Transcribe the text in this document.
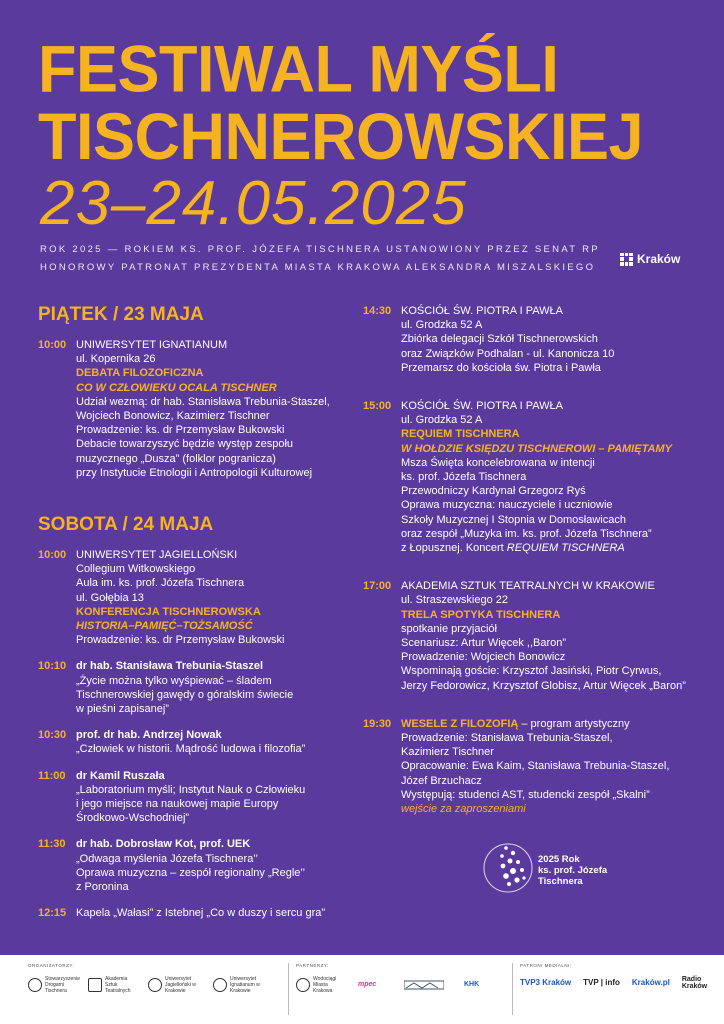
FESTIWAL MYŚLI
TISCHNEROWSKIEJ
23–24.05.2025
ROK 2025 — ROKIEM KS. PROF. JÓZEFA TISCHNERA USTANOWIONY PRZEZ SENAT RP
HONOROWY PATRONAT PREZYDENTA MIASTA KRAKOWA ALEKSANDRA MISZALSKIEGO
Kraków
PIĄTEK / 23 MAJA
10:00 UNIWERSYTET IGNATIANUM
ul. Kopernika 26
DEBATA FILOZOFICZNA
CO W CZŁOWIEKU OCALA TISCHNER
Udział wezmą: dr hab. Stanisława Trebunia-Staszel,
Wojciech Bonowicz, Kazimierz Tischner
Prowadzenie: ks. dr Przemysław Bukowski
Debacie towarzyszyć będzie występ zespołu
muzycznego „Dusza” (folklor pogranicza)
przy Instytucie Etnologii i Antropologii Kulturowej
SOBOTA / 24 MAJA
10:00 UNIWERSYTET JAGIELLOŃSKI
Collegium Witkowskiego
Aula im. ks. prof. Józefa Tischnera
ul. Gołębia 13
KONFERENCJA TISCHNEROWSKA
HISTORIA–PAMIĘĆ–TOŻSAMOŚĆ
Prowadzenie: ks. dr Przemysław Bukowski
10:10 dr hab. Stanisława Trebunia-Staszel
„Życie można tylko wyśpiewać – śladem
Tischnerowskiej gawędy o góralskim świecie
w pieśni zapisanej”
10:30 prof. dr hab. Andrzej Nowak
„Człowiek w historii. Mądrość ludowa i filozofia”
11:00 dr Kamil Ruszała
„Laboratorium myśli; Instytut Nauk o Człowieku
i jego miejsce na naukowej mapie Europy
Środkowo-Wschodniej”
11:30 dr hab. Dobrosław Kot, prof. UEK
„Odwaga myślenia Józefa Tischnera’’
Oprawa muzyczna – zespół regionalny „Regle’’
z Poronina
12:15 Kapela „Wałasi” z Istebnej „Co w duszy i sercu gra”
14:30 KOŚCIÓŁ ŚW. PIOTRA I PAWŁA
ul. Grodzka 52 A
Zbiórka delegacji Szkół Tischnerowskich
oraz Związków Podhalan - ul. Kanonicza 10
Przemarsz do kościoła św. Piotra i Pawła
15:00 KOŚCIÓŁ ŚW. PIOTRA I PAWŁA
ul. Grodzka 52 A
REQUIEM TISCHNERA
W HOŁDZIE KSIĘDZU TISCHNEROWI – PAMIĘTAMY
Msza Święta koncelebrowana w intencji
ks. prof. Józefa Tischnera
Przewodniczy Kardynał Grzegorz Ryś
Oprawa muzyczna: nauczyciele i uczniowie
Szkoły Muzycznej I Stopnia w Domosławicach
oraz zespół „Muzyka im. ks. prof. Józefa Tischnera”
z Łopusznej. Koncert REQUIEM TISCHNERA
17:00 AKADEMIA SZTUK TEATRALNYCH W KRAKOWIE
ul. Straszewskiego 22
TRELA SPOTYKA TISCHNERA
spotkanie przyjaciół
Scenariusz: Artur Więcek ,,Baron”
Prowadzenie: Wojciech Bonowicz
Wspominają goście: Krzysztof Jasiński, Piotr Cyrwus,
Jerzy Fedorowicz, Krzysztof Globisz, Artur Więcek „Baron”
19:30 WESELE Z FILOZOFIĄ – program artystyczny
Prowadzenie: Stanisława Trebunia-Staszel,
Kazimierz Tischner
Opracowanie: Ewa Kaim, Stanisława Trebunia-Staszel,
Józef Brzuchacz
Występują: studenci AST, studencki zespół „Skalni”
wejście za zaproszeniami
2025 Rok
ks. prof. Józefa
Tischnera
ORGANIZATORZY:
Stowarzyszenie Drogami Tischnera
Akademia Sztuk Teatralnych
Uniwersytet Jagielloński w Krakowie
Uniwersytet Ignatianum w Krakowie
PARTNERZY:
Wodociągi Miasta Krakowa
mpec	KHK
PATRONI MEDIALNI:
TVP3 Kraków TVP | info Kraków.pl Radio Kraków
